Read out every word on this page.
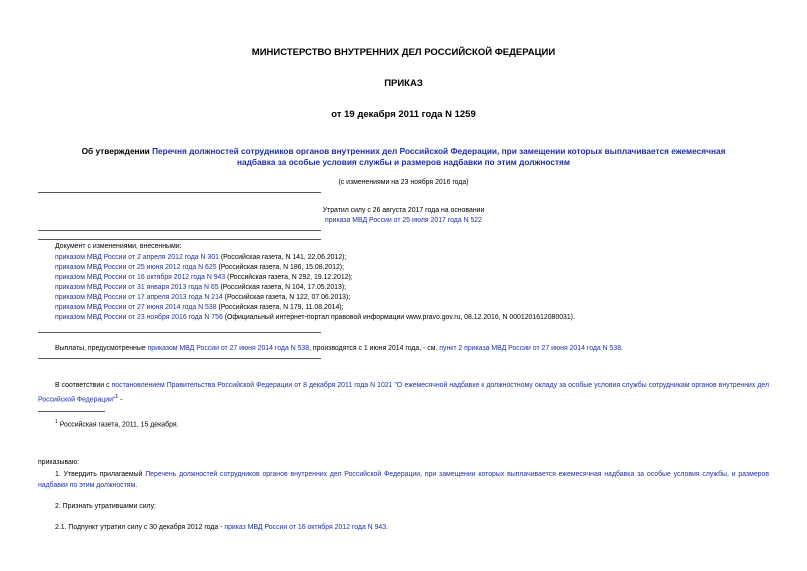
МИНИСТЕРСТВО ВНУТРЕННИХ ДЕЛ РОССИЙСКОЙ ФЕДЕРАЦИИ
ПРИКАЗ
от 19 декабря 2011 года N 1259
Об утверждении Перечня должностей сотрудников органов внутренних дел Российской Федерации, при замещении которых выплачивается ежемесячная
надбавка за особые условия службы и размеров надбавки по этим должностям
(с изменениями на 23 ноября 2016 года)
Утратил силу с 26 августа 2017 года на основании
приказа МВД России от 25 июля 2017 года N 522
Документ с изменениями, внесенными:
приказом МВД России от 2 апреля 2012 года N 301 (Российская газета, N 141, 22.06.2012);
приказом МВД России от 25 июня 2012 года N 625 (Российская газета, N 186, 15.08.2012);
приказом МВД России от 16 октября 2012 года N 943 (Российская газета, N 292, 19.12.2012);
приказом МВД России от 31 января 2013 года N 65 (Российская газета, N 104, 17.05.2013);
приказом МВД России от 17 апреля 2013 года N 214 (Российская газета, N 122, 07.06.2013);
приказом МВД России от 27 июня 2014 года N 538 (Российская газета, N 179, 11.08.2014);
приказом МВД России от 23 ноября 2016 года N 756 (Официальный интернет-портал правовой информации www.pravo.gov.ru, 08.12.2016, N 0001201612080031).
Выплаты, предусмотренные приказом МВД России от 27 июня 2014 года N 538, производятся с 1 июня 2014 года, - см. пункт 2 приказа МВД России от 27 июня 2014 года N 538.
В соответствии с постановлением Правительства Российской Федерации от 8 декабря 2011 года N 1021 "О ежемесячной надбавке к должностному окладу за особые условия службы сотрудникам органов внутренних дел Российской Федерации"$^1$ -
$^1$ Российская газета, 2011, 15 декабря.
приказываю:
1. Утвердить прилагаемый Перечень должностей сотрудников органов внутренних дел Российской Федерации, при замещении которых выплачивается ежемесячная надбавка за особые условия службы, и размеров надбавки по этим должностям.
2. Признать утратившими силу:
2.1. Подпункт утратил силу с 30 декабря 2012 года - приказ МВД России от 16 октября 2012 года N 943.
